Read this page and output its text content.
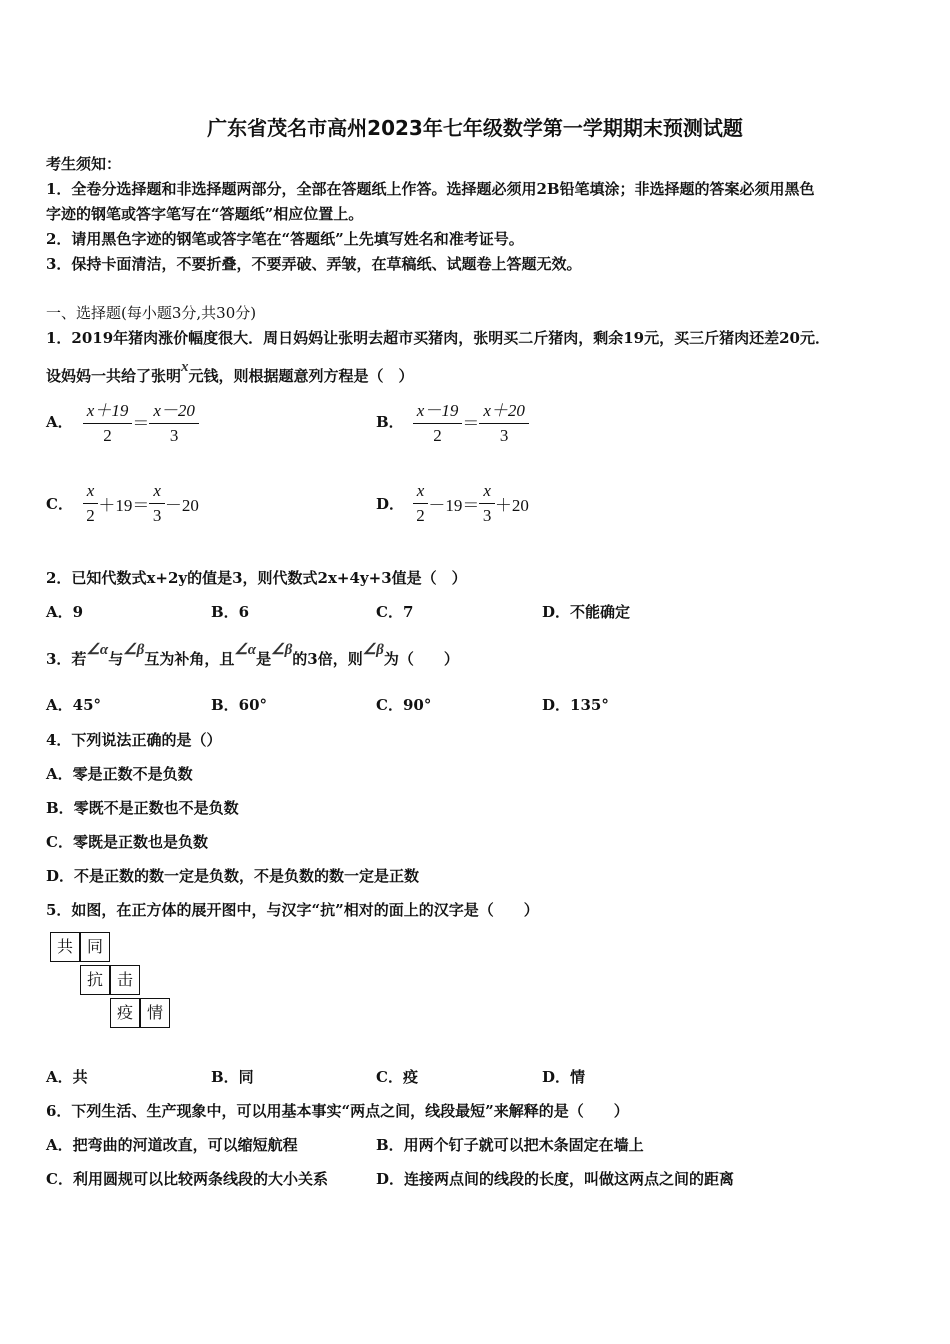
广东省茂名市高州2023年七年级数学第一学期期末预测试题
考生须知：
1．全卷分选择题和非选择题两部分，全部在答题纸上作答。选择题必须用2B铅笔填涂；非选择题的答案必须用黑色
字迹的钢笔或答字笔写在“答题纸”相应位置上。
2．请用黑色字迹的钢笔或答字笔在“答题纸”上先填写姓名和准考证号。
3．保持卡面清洁，不要折叠，不要弄破、弄皱，在草稿纸、试题卷上答题无效。
一、选择题(每小题3分,共30分)
1．2019年猪肉涨价幅度很大．周日妈妈让张明去超市买猪肉，张明买二斤猪肉，剩余19元，买三斤猪肉还差20元．
设妈妈一共给了张明x元钱，则根据题意列方程是（　）
A． $\frac{x+19}{2} = \frac{x-20}{3}$	B． $\frac{x-19}{2} = \frac{x+20}{3}$
C． $\frac{x}{2} +19= \frac{x}{3} -20$	D． $\frac{x}{2} -19= \frac{x}{3} +20$
2．已知代数式x+2y的值是3，则代数式2x+4y+3值是（　）
A．9	B．6	C．7	D．不能确定
3．若∠α与∠β互为补角，且∠α是∠β的3倍，则∠β为（　　）
A．45°	B．60°	C．90°	D．135°
4．下列说法正确的是（）
A．零是正数不是负数
B．零既不是正数也不是负数
C．零既是正数也是负数
D．不是正数的数一定是负数，不是负数的数一定是正数
5．如图，在正方体的展开图中，与汉字“抗”相对的面上的汉字是（　　）
共 同
抗 击
疫 情
A．共	B．同	C．疫	D．情
6．下列生活、生产现象中，可以用基本事实“两点之间，线段最短”来解释的是（　　）
A．把弯曲的河道改直，可以缩短航程	B．用两个钉子就可以把木条固定在墙上
C．利用圆规可以比较两条线段的大小关系	D．连接两点间的线段的长度，叫做这两点之间的距离
